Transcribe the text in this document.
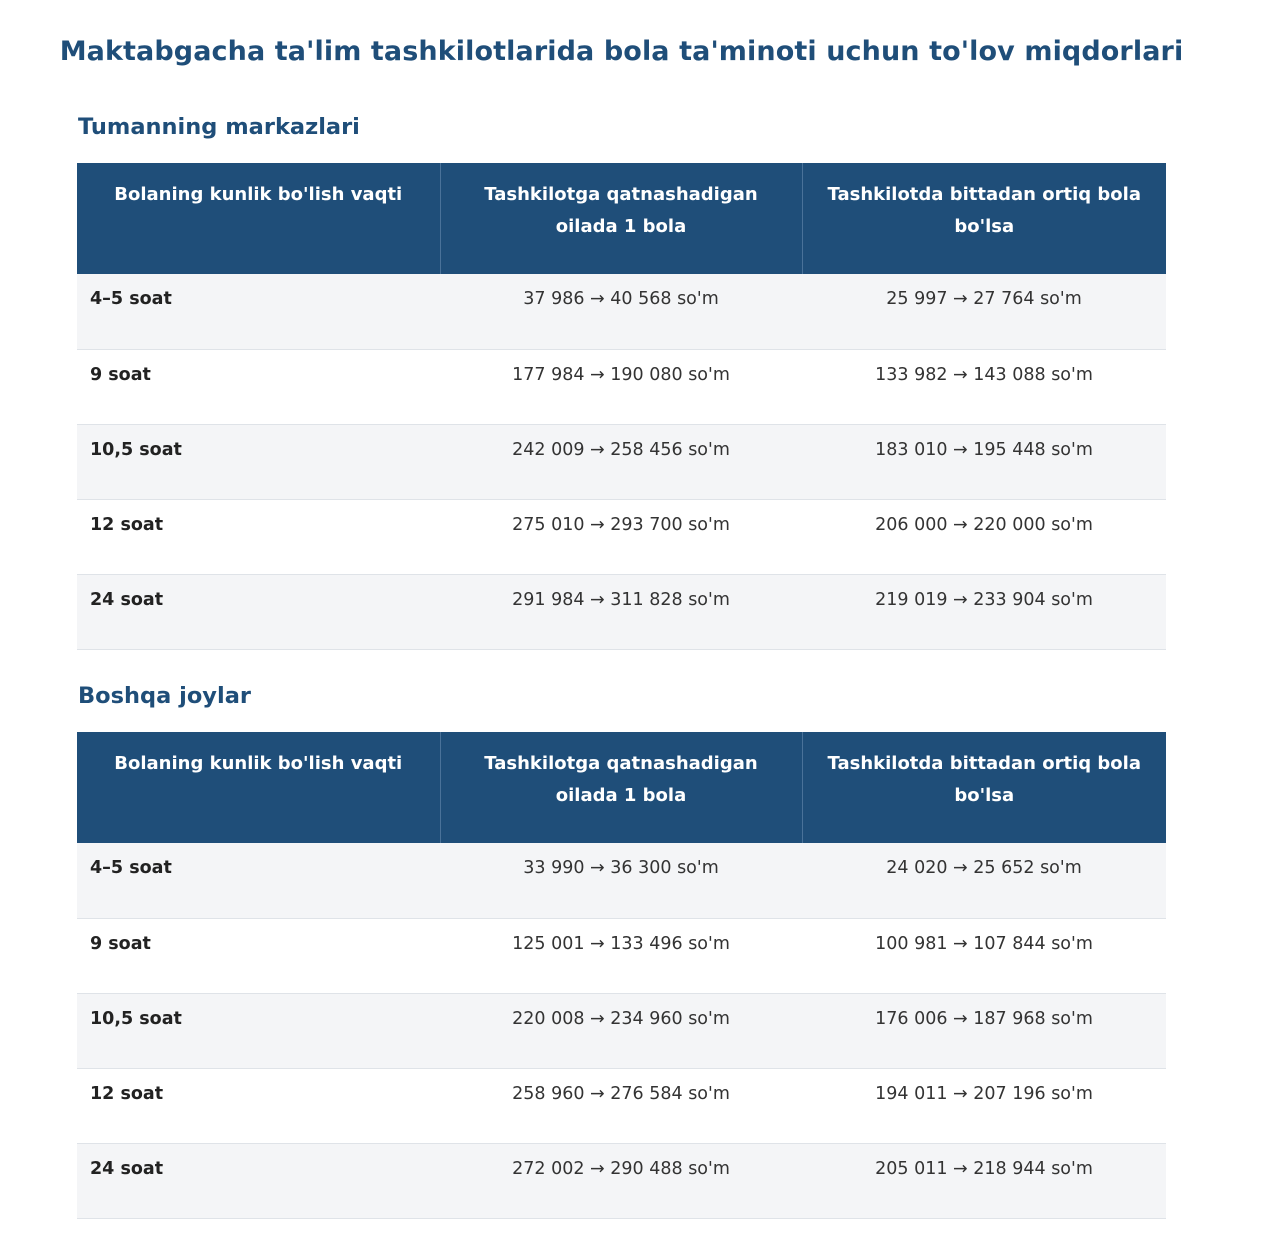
Maktabgacha ta'lim tashkilotlarida bola ta'minoti uchun to'lov miqdorlari
Tumanning markazlari
Bolaning kunlik bo'lish vaqti	Tashkilotga qatnashadigan oilada 1 bola	Tashkilotda bittadan ortiq bola bo'lsa
4–5 soat	37 986 → 40 568 so'm	25 997 → 27 764 so'm
9 soat	177 984 → 190 080 so'm	133 982 → 143 088 so'm
10,5 soat	242 009 → 258 456 so'm	183 010 → 195 448 so'm
12 soat	275 010 → 293 700 so'm	206 000 → 220 000 so'm
24 soat	291 984 → 311 828 so'm	219 019 → 233 904 so'm
Boshqa joylar
Bolaning kunlik bo'lish vaqti	Tashkilotga qatnashadigan oilada 1 bola	Tashkilotda bittadan ortiq bola bo'lsa
4–5 soat	33 990 → 36 300 so'm	24 020 → 25 652 so'm
9 soat	125 001 → 133 496 so'm	100 981 → 107 844 so'm
10,5 soat	220 008 → 234 960 so'm	176 006 → 187 968 so'm
12 soat	258 960 → 276 584 so'm	194 011 → 207 196 so'm
24 soat	272 002 → 290 488 so'm	205 011 → 218 944 so'm
